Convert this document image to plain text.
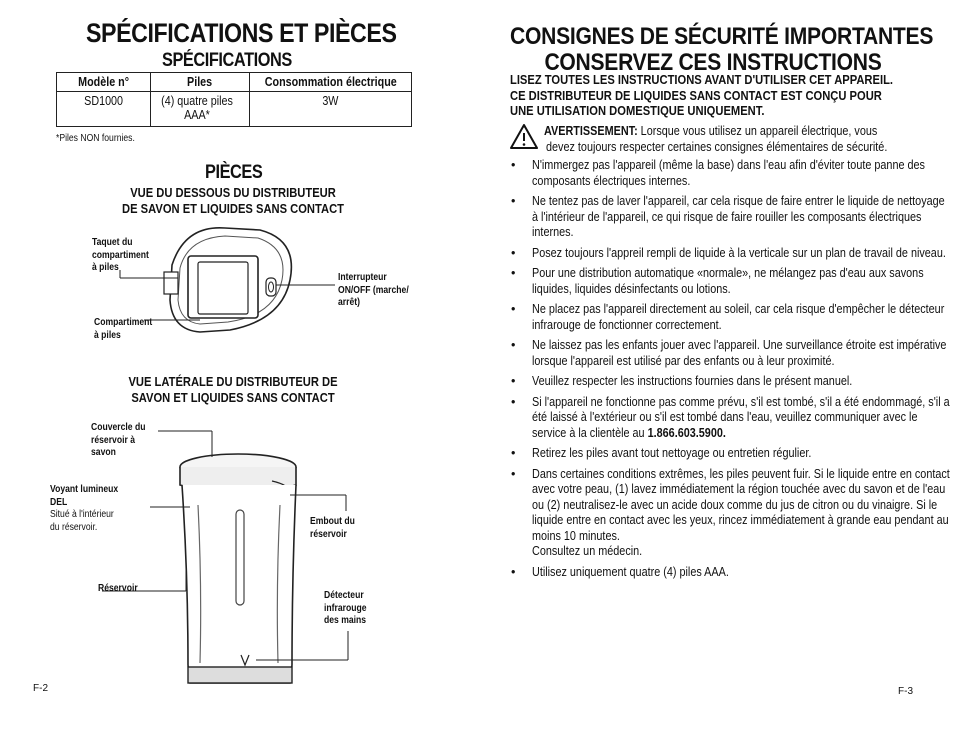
SPÉCIFICATIONS ET PIÈCES
SPÉCIFICATIONS
Modèle n°	Piles	Consommation électrique
SD1000	(4) quatre piles AAA*	3W
*Piles NON fournies.
PIÈCES
VUE DU DESSOUS DU DISTRIBUTEUR
DE SAVON ET LIQUIDES SANS CONTACT
Taquet du
compartiment
à piles
Compartiment
à piles
Interrupteur
ON/OFF (marche/
arrêt)
VUE LATÉRALE DU DISTRIBUTEUR DE
SAVON ET LIQUIDES SANS CONTACT
Couvercle du
réservoir à
savon
Voyant lumineux
DEL
Situé à l'intérieur
du réservoir.	Embout du
réservoir
Réservoir
Détecteur
infrarouge
des mains
F-2
CONSIGNES DE SÉCURITÉ IMPORTANTES
CONSERVEZ CES INSTRUCTIONS
LISEZ TOUTES LES INSTRUCTIONS AVANT D'UTILISER CET APPAREIL.
CE DISTRIBUTEUR DE LIQUIDES SANS CONTACT EST CONÇU POUR
UNE UTILISATION DOMESTIQUE UNIQUEMENT.
AVERTISSEMENT: Lorsque vous utilisez un appareil électrique, vous
devez toujours respecter certaines consignes élémentaires de sécurité.
• N'immergez pas l'appareil (même la base) dans l'eau afin d'éviter toute panne des composants électriques internes.
• Ne tentez pas de laver l'appareil, car cela risque de faire entrer le liquide de nettoyage à l'intérieur de l'appareil, ce qui risque de faire rouiller les composants électriques internes.
• Posez toujours l'appreil rempli de liquide à la verticale sur un plan de travail de niveau.
• Pour une distribution automatique «normale», ne mélangez pas d'eau aux savons liquides, liquides désinfectants ou lotions.
• Ne placez pas l'appareil directement au soleil, car cela risque d'empêcher le détecteur infrarouge de fonctionner correctement.
• Ne laissez pas les enfants jouer avec l'appareil. Une surveillance étroite est impérative lorsque l'appareil est utilisé par des enfants ou à leur proximité.
• Veuillez respecter les instructions fournies dans le présent manuel.
• Si l'appareil ne fonctionne pas comme prévu, s'il est tombé, s'il a été endommagé, s'il a été laissé à l'extérieur ou s'il est tombé dans l'eau, veuillez communiquer avec le service à la clientèle au 1.866.603.5900.
• Retirez les piles avant tout nettoyage ou entretien régulier.
• Dans certaines conditions extrêmes, les piles peuvent fuir. Si le liquide entre en contact avec votre peau, (1) lavez immédiatement la région touchée avec du savon et de l'eau ou (2) neutralisez-le avec un acide doux comme du jus de citron ou du vinaigre. Si le liquide entre en contact avec les yeux, rincez immédiatement à grande eau pendant au moins 10 minutes.
Consultez un médecin.
• Utilisez uniquement quatre (4) piles AAA.
F-3
